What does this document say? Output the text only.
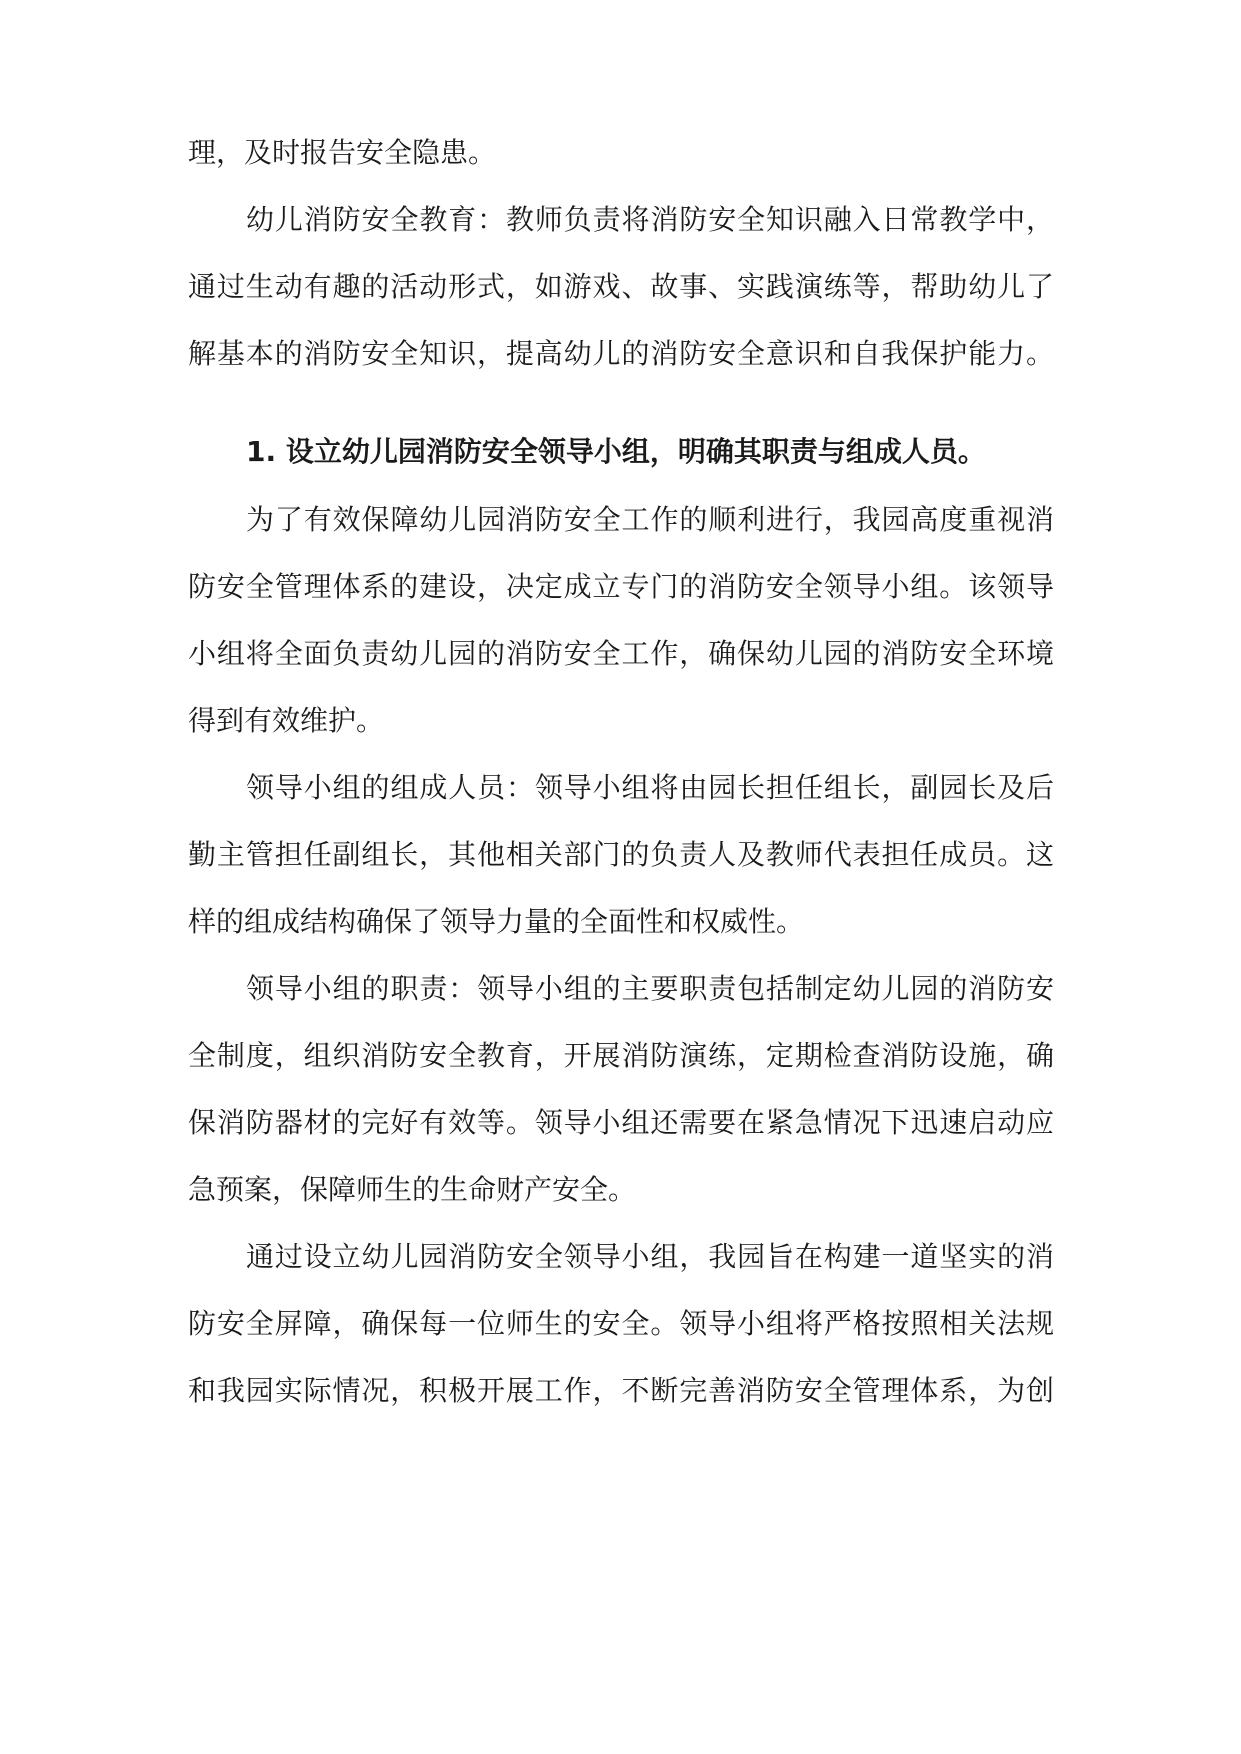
理，及时报告安全隐患。

幼儿消防安全教育：教师负责将消防安全知识融入日常教学中，

通过生动有趣的活动形式，如游戏、故事、实践演练等，帮助幼儿了

解基本的消防安全知识，提高幼儿的消防安全意识和自我保护能力。

1. 设立幼儿园消防安全领导小组，明确其职责与组成人员。

为了有效保障幼儿园消防安全工作的顺利进行，我园高度重视消

防安全管理体系的建设，决定成立专门的消防安全领导小组。该领导

小组将全面负责幼儿园的消防安全工作，确保幼儿园的消防安全环境

得到有效维护。

领导小组的组成人员：领导小组将由园长担任组长，副园长及后

勤主管担任副组长，其他相关部门的负责人及教师代表担任成员。这

样的组成结构确保了领导力量的全面性和权威性。

领导小组的职责：领导小组的主要职责包括制定幼儿园的消防安

全制度，组织消防安全教育，开展消防演练，定期检查消防设施，确

保消防器材的完好有效等。领导小组还需要在紧急情况下迅速启动应

急预案，保障师生的生命财产安全。

通过设立幼儿园消防安全领导小组，我园旨在构建一道坚实的消

防安全屏障，确保每一位师生的安全。领导小组将严格按照相关法规

和我园实际情况，积极开展工作，不断完善消防安全管理体系，为创
